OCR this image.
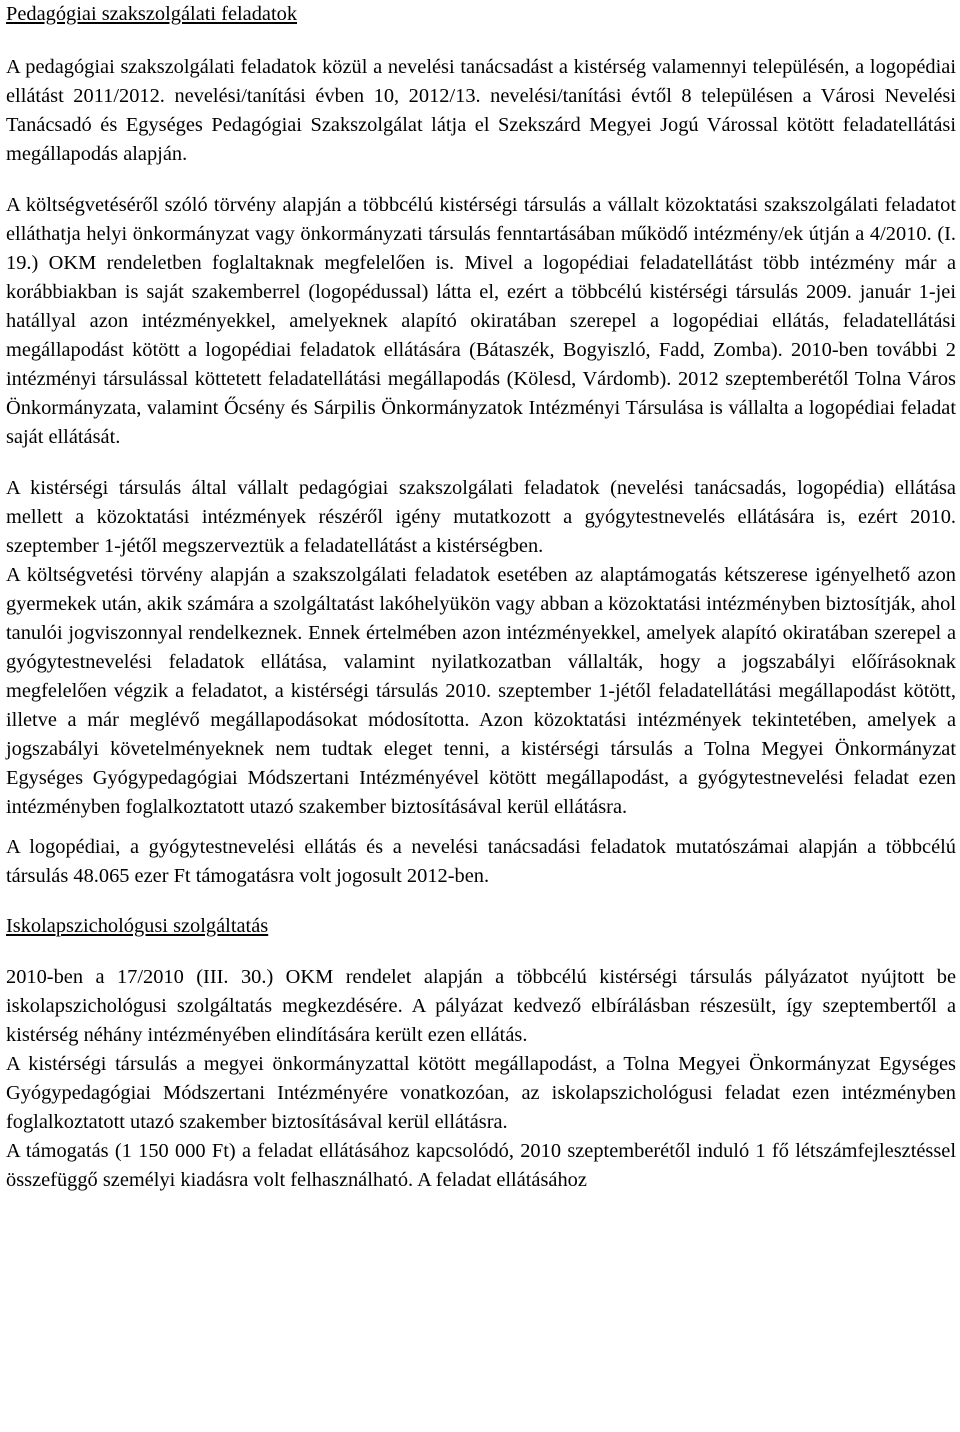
Pedagógiai szakszolgálati feladatok

A pedagógiai szakszolgálati feladatok közül a nevelési tanácsadást a kistérség valamennyi településén, a logopédiai ellátást 2011/2012. nevelési/tanítási évben 10, 2012/13. nevelési/tanítási évtől 8 településen a Városi Nevelési Tanácsadó és Egységes Pedagógiai Szakszolgálat látja el Szekszárd Megyei Jogú Várossal kötött feladatellátási megállapodás alapján.

A költségvetéséről szóló törvény alapján a többcélú kistérségi társulás a vállalt közoktatási szakszolgálati feladatot elláthatja helyi önkormányzat vagy önkormányzati társulás fenntartásában működő intézmény/ek útján a 4/2010. (I. 19.) OKM rendeletben foglaltaknak megfelelően is. Mivel a logopédiai feladatellátást több intézmény már a korábbiakban is saját szakemberrel (logopédussal) látta el, ezért a többcélú kistérségi társulás 2009. január 1-jei hatállyal azon intézményekkel, amelyeknek alapító okiratában szerepel a logopédiai ellátás, feladatellátási megállapodást kötött a logopédiai feladatok ellátására (Bátaszék, Bogyiszló, Fadd, Zomba). 2010-ben további 2 intézményi társulással köttetett feladatellátási megállapodás (Kölesd, Várdomb). 2012 szeptemberétől Tolna Város Önkormányzata, valamint Őcsény és Sárpilis Önkormányzatok Intézményi Társulása is vállalta a logopédiai feladat saját ellátását.

A kistérségi társulás által vállalt pedagógiai szakszolgálati feladatok (nevelési tanácsadás, logopédia) ellátása mellett a közoktatási intézmények részéről igény mutatkozott a gyógytestnevelés ellátására is, ezért 2010. szeptember 1-jétől megszerveztük a feladatellátást a kistérségben.

A költségvetési törvény alapján a szakszolgálati feladatok esetében az alaptámogatás kétszerese igényelhető azon gyermekek után, akik számára a szolgáltatást lakóhelyükön vagy abban a közoktatási intézményben biztosítják, ahol tanulói jogviszonnyal rendelkeznek. Ennek értelmében azon intézményekkel, amelyek alapító okiratában szerepel a gyógytestnevelési feladatok ellátása, valamint nyilatkozatban vállalták, hogy a jogszabályi előírásoknak megfelelően végzik a feladatot, a kistérségi társulás 2010. szeptember 1-jétől feladatellátási megállapodást kötött, illetve a már meglévő megállapodásokat módosította. Azon közoktatási intézmények tekintetében, amelyek a jogszabályi követelményeknek nem tudtak eleget tenni, a kistérségi társulás a Tolna Megyei Önkormányzat Egységes Gyógypedagógiai Módszertani Intézményével kötött megállapodást, a gyógytestnevelési feladat ezen intézményben foglalkoztatott utazó szakember biztosításával kerül ellátásra.

A logopédiai, a gyógytestnevelési ellátás és a nevelési tanácsadási feladatok mutatószámai alapján a többcélú társulás 48.065 ezer Ft támogatásra volt jogosult 2012-ben.

Iskolapszichológusi szolgáltatás

2010-ben a 17/2010 (III. 30.) OKM rendelet alapján a többcélú kistérségi társulás pályázatot nyújtott be iskolapszichológusi szolgáltatás megkezdésére. A pályázat kedvező elbírálásban részesült, így szeptembertől a kistérség néhány intézményében elindítására került ezen ellátás.

A kistérségi társulás a megyei önkormányzattal kötött megállapodást, a Tolna Megyei Önkormányzat Egységes Gyógypedagógiai Módszertani Intézményére vonatkozóan, az iskolapszichológusi feladat ezen intézményben foglalkoztatott utazó szakember biztosításával kerül ellátásra.

A támogatás (1 150 000 Ft) a feladat ellátásához kapcsolódó, 2010 szeptemberétől induló 1 fő létszámfejlesztéssel összefüggő személyi kiadásra volt felhasználható. A feladat ellátásához
